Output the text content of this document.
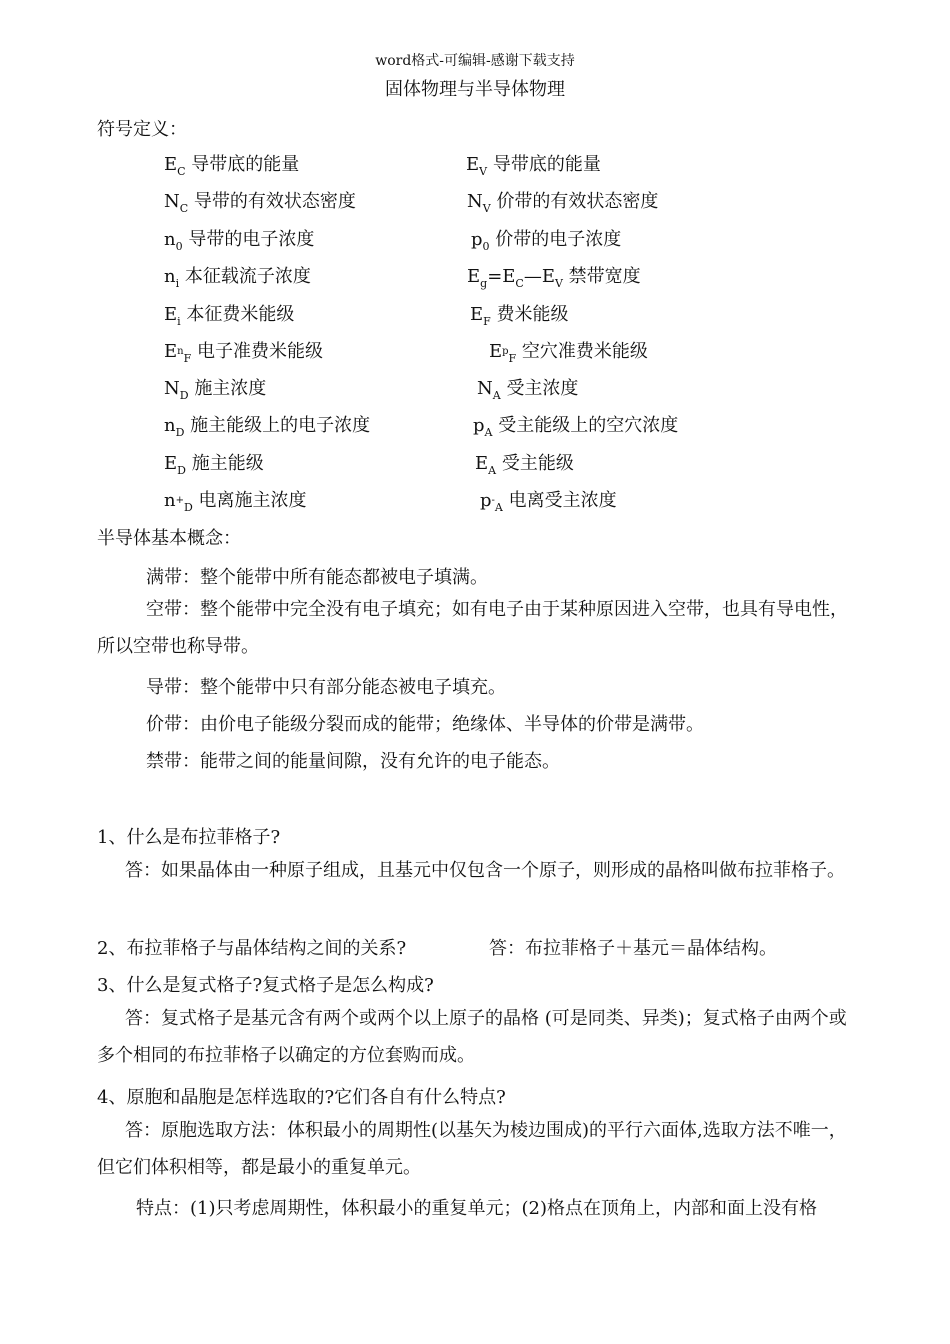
word格式-可编辑-感谢下载支持
固体物理与半导体物理
符号定义：
$E_C$ 导带底的能量	$E_V$ 导带底的能量
$N_C$ 导带的有效状态密度	$N_V$ 价带的有效状态密度
$n_0$ 导带的电子浓度	$p_0$ 价带的电子浓度
$n_i$ 本征载流子浓度	$E_g=E_C—E_V$ 禁带宽度
$E_i$ 本征费米能级	$E_F$ 费米能级
$E^n_F$ 电子准费米能级	$E^p_F$ 空穴准费米能级
$N_D$ 施主浓度	$N_A$ 受主浓度
$n_D$ 施主能级上的电子浓度	$p_A$ 受主能级上的空穴浓度
$E_D$ 施主能级	$E_A$ 受主能级
$n^+_D$ 电离施主浓度	$p^-_A$ 电离受主浓度
半导体基本概念：
满带：整个能带中所有能态都被电子填满。
空带：整个能带中完全没有电子填充；如有电子由于某种原因进入空带，也具有导电性，所以空带也称导带。
导带：整个能带中只有部分能态被电子填充。
价带：由价电子能级分裂而成的能带；绝缘体、半导体的价带是满带。
禁带：能带之间的能量间隙，没有允许的电子能态。
1、什么是布拉菲格子?
答：如果晶体由一种原子组成，且基元中仅包含一个原子，则形成的晶格叫做布拉菲格子。
2、布拉菲格子与晶体结构之间的关系?	答：布拉菲格子＋基元＝晶体结构。
3、什么是复式格子?复式格子是怎么构成?
答：复式格子是基元含有两个或两个以上原子的晶格 (可是同类、异类)；复式格子由两个或多个相同的布拉菲格子以确定的方位套购而成。
4、原胞和晶胞是怎样选取的?它们各自有什么特点?
答：原胞选取方法：体积最小的周期性(以基矢为棱边围成)的平行六面体,选取方法不唯一，但它们体积相等，都是最小的重复单元。
特点：(1)只考虑周期性，体积最小的重复单元；(2)格点在顶角上，内部和面上没有格
